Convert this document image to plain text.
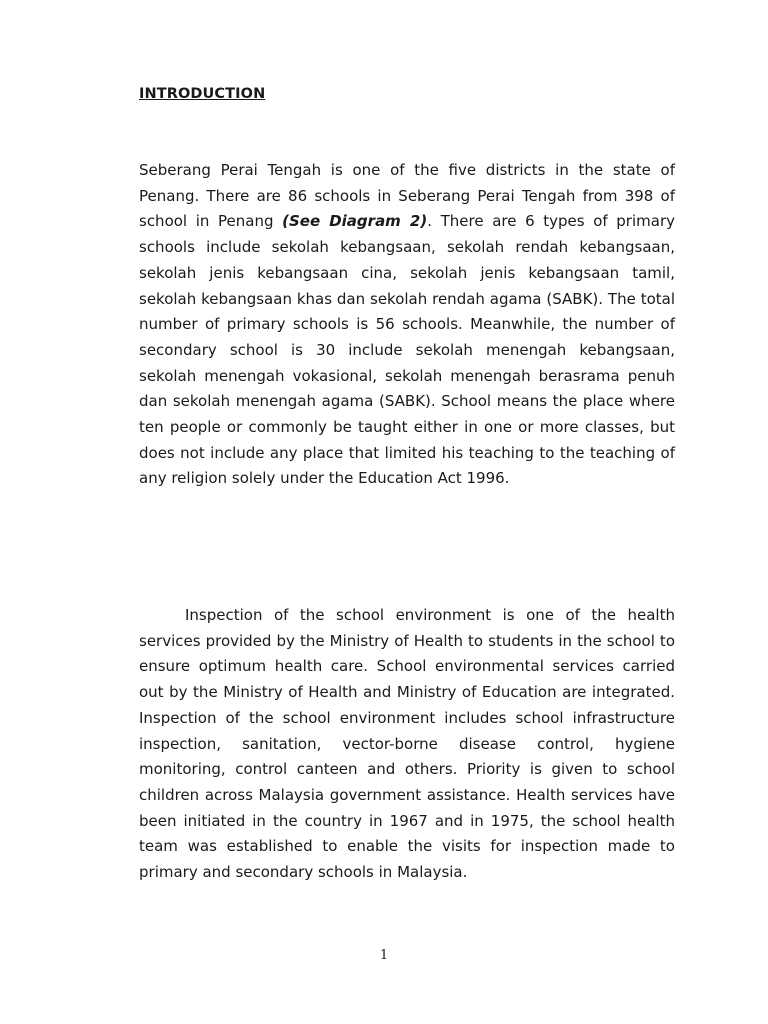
INTRODUCTION

Seberang Perai Tengah is one of the five districts in the state of Penang. There are 86 schools in Seberang Perai Tengah from 398 of school in Penang (See Diagram 2). There are 6 types of primary schools include sekolah kebangsaan, sekolah rendah kebangsaan, sekolah jenis kebangsaan cina, sekolah jenis kebangsaan tamil, sekolah kebangsaan khas dan sekolah rendah agama (SABK). The total number of primary schools is 56 schools. Meanwhile, the number of secondary school is 30 include sekolah menengah kebangsaan, sekolah menengah vokasional, sekolah menengah berasrama penuh dan sekolah menengah agama (SABK). School means the place where ten people or commonly be taught either in one or more classes, but does not include any place that limited his teaching to the teaching of any religion solely under the Education Act 1996.

Inspection of the school environment is one of the health services provided by the Ministry of Health to students in the school to ensure optimum health care. School environmental services carried out by the Ministry of Health and Ministry of Education are integrated. Inspection of the school environment includes school infrastructure inspection, sanitation, vector-borne disease control, hygiene monitoring, control canteen and others. Priority is given to school children across Malaysia government assistance. Health services have been initiated in the country in 1967 and in 1975, the school health team was established to enable the visits for inspection made to primary and secondary schools in Malaysia.

1
